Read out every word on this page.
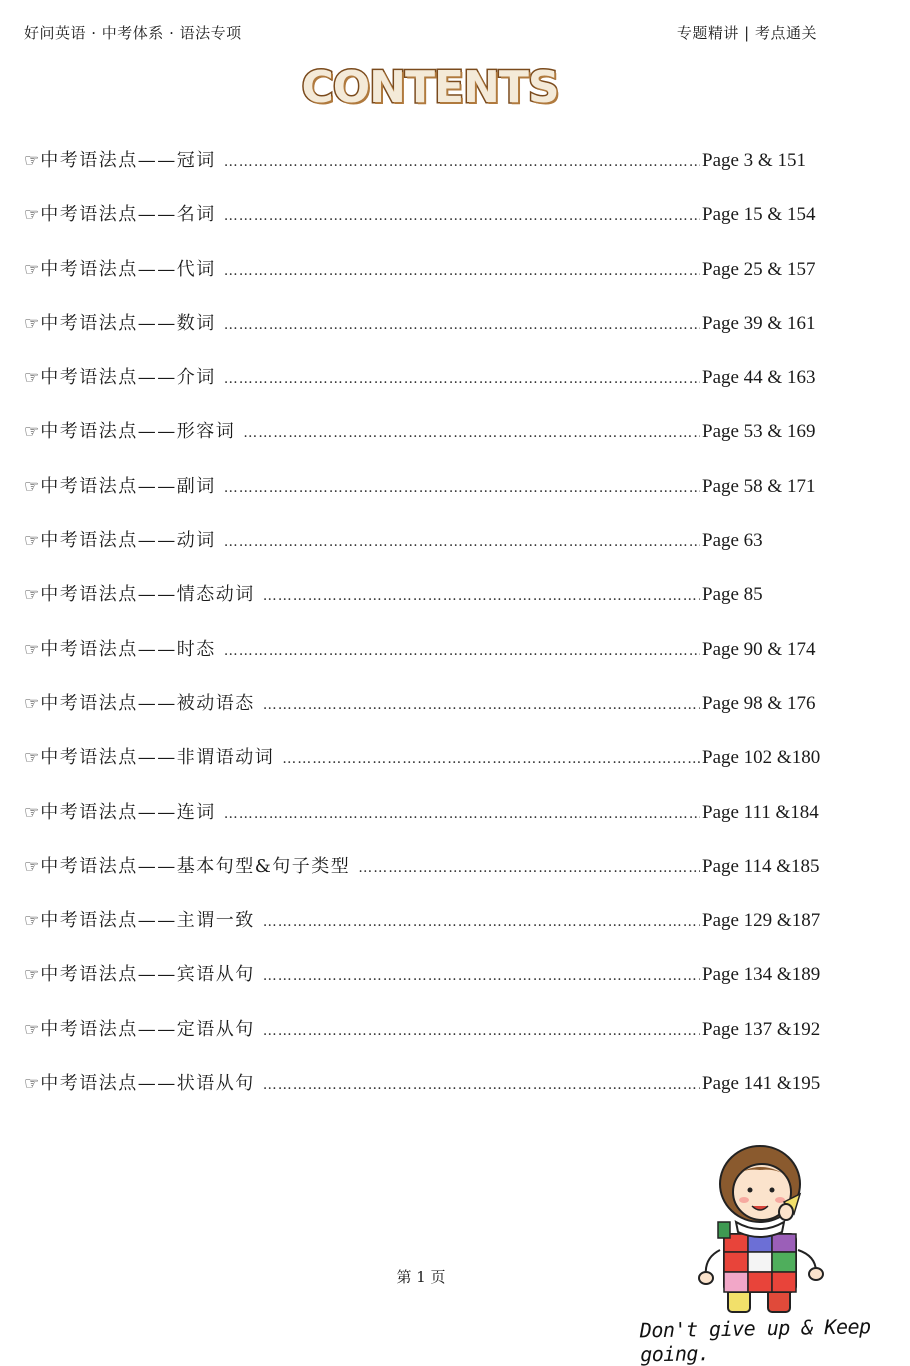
好问英语 · 中考体系 · 语法专项	专题精讲 | 考点通关
CONTENTS
☞ 中考语法点——冠词 …………………………………………………………………………………………………………………………………………………………………	Page 3 & 151
☞ 中考语法点——名词 …………………………………………………………………………………………………………………………………………………………………	Page 15 & 154
☞ 中考语法点——代词 …………………………………………………………………………………………………………………………………………………………………	Page 25 & 157
☞ 中考语法点——数词 …………………………………………………………………………………………………………………………………………………………………	Page 39 & 161
☞ 中考语法点——介词 …………………………………………………………………………………………………………………………………………………………………	Page 44 & 163
☞ 中考语法点——形容词 …………………………………………………………………………………………………………………………………………………………………	Page 53 & 169
☞ 中考语法点——副词 …………………………………………………………………………………………………………………………………………………………………	Page 58 & 171
☞ 中考语法点——动词 …………………………………………………………………………………………………………………………………………………………………	Page 63
☞ 中考语法点——情态动词 …………………………………………………………………………………………………………………………………………………………………	Page 85
☞ 中考语法点——时态 …………………………………………………………………………………………………………………………………………………………………	Page 90 & 174
☞ 中考语法点——被动语态 …………………………………………………………………………………………………………………………………………………………………	Page 98 & 176
☞ 中考语法点——非谓语动词 …………………………………………………………………………………………………………………………………………………………………	Page 102 &180
☞ 中考语法点——连词 …………………………………………………………………………………………………………………………………………………………………	Page 111 &184
☞ 中考语法点——基本句型&句子类型 …………………………………………………………………………………………………………………………………………………………………	Page 114 &185
☞ 中考语法点——主谓一致 …………………………………………………………………………………………………………………………………………………………………	Page 129 &187
☞ 中考语法点——宾语从句 …………………………………………………………………………………………………………………………………………………………………	Page 134 &189
☞ 中考语法点——定语从句 …………………………………………………………………………………………………………………………………………………………………	Page 137 &192
☞ 中考语法点——状语从句 …………………………………………………………………………………………………………………………………………………………………	Page 141 &195
第 1 页
Don't give up & Keep going.
